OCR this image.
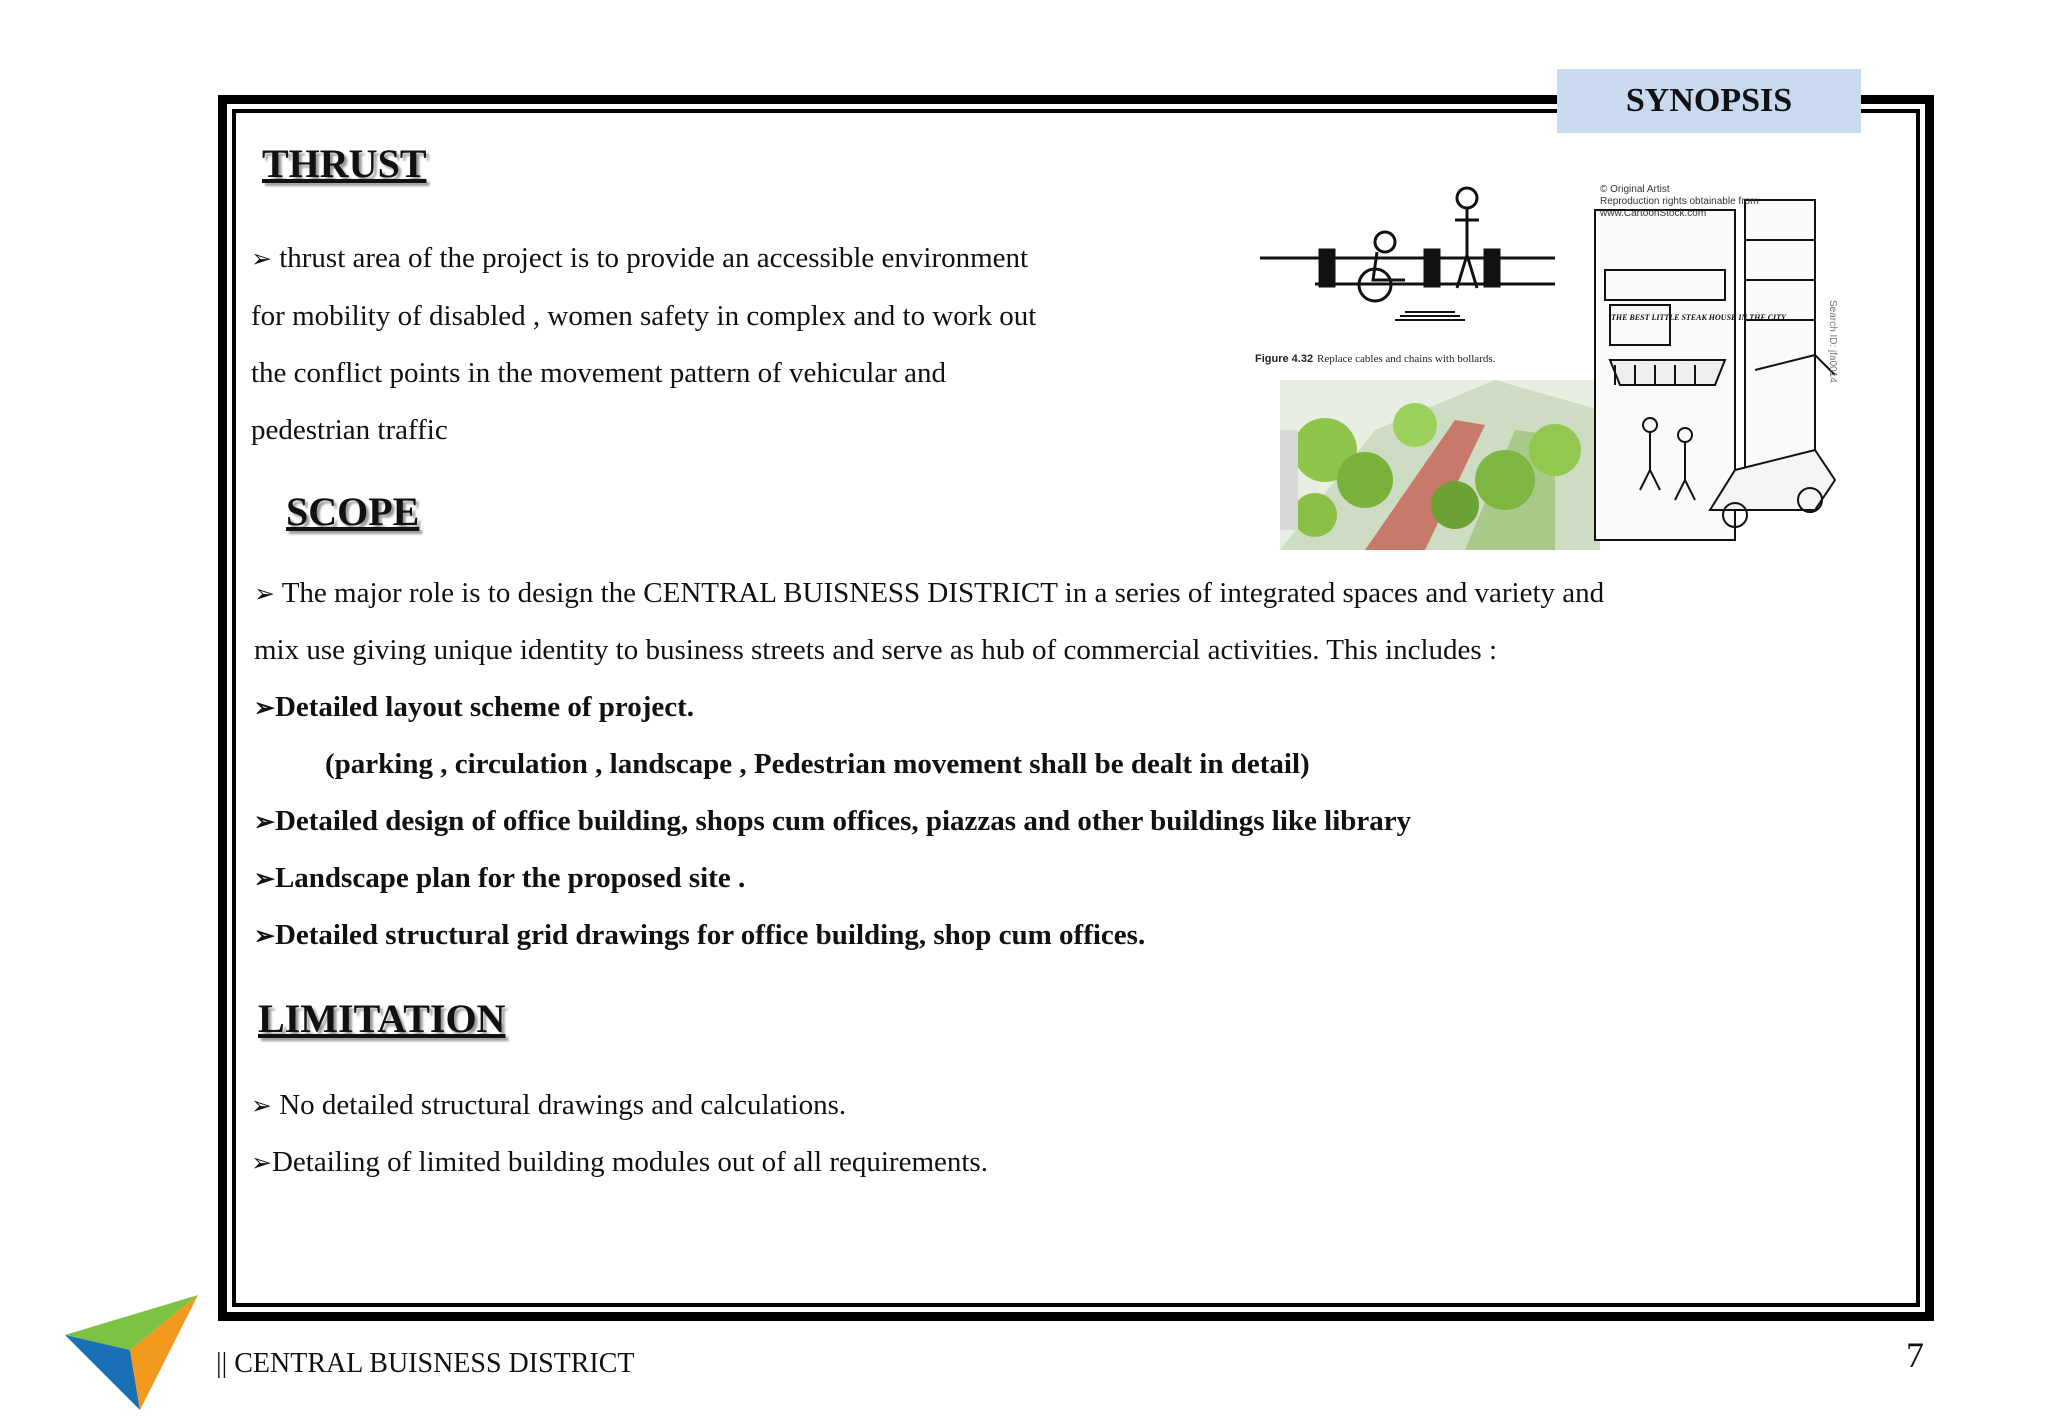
SYNOPSIS
THRUST
➢ thrust area of the project is to provide an accessible environment
for mobility of disabled , women safety in complex and to work out
the conflict points in the movement pattern of vehicular and
pedestrian traffic
Figure 4.32 Replace cables and chains with bollards.
© Original Artist
Reproduction rights obtainable from
www.CartoonStock.com
THE BEST LITTLE STEAK HOUSE IN THE CITY	Search ID: jfa0014
SCOPE
➢ The major role is to design the CENTRAL BUISNESS DISTRICT in a series of integrated spaces and variety and
mix use giving unique identity to business streets and serve as hub of commercial activities. This includes :
➢Detailed layout scheme of project.
(parking , circulation , landscape , Pedestrian movement shall be dealt in detail)
➢Detailed design of office building, shops cum offices, piazzas and other buildings like library
➢Landscape plan for the proposed site .
➢Detailed structural grid drawings for office building, shop cum offices.
LIMITATION
➢ No detailed structural drawings and calculations.
➢Detailing of limited building modules out of all requirements.
|| CENTRAL BUISNESS DISTRICT	7
